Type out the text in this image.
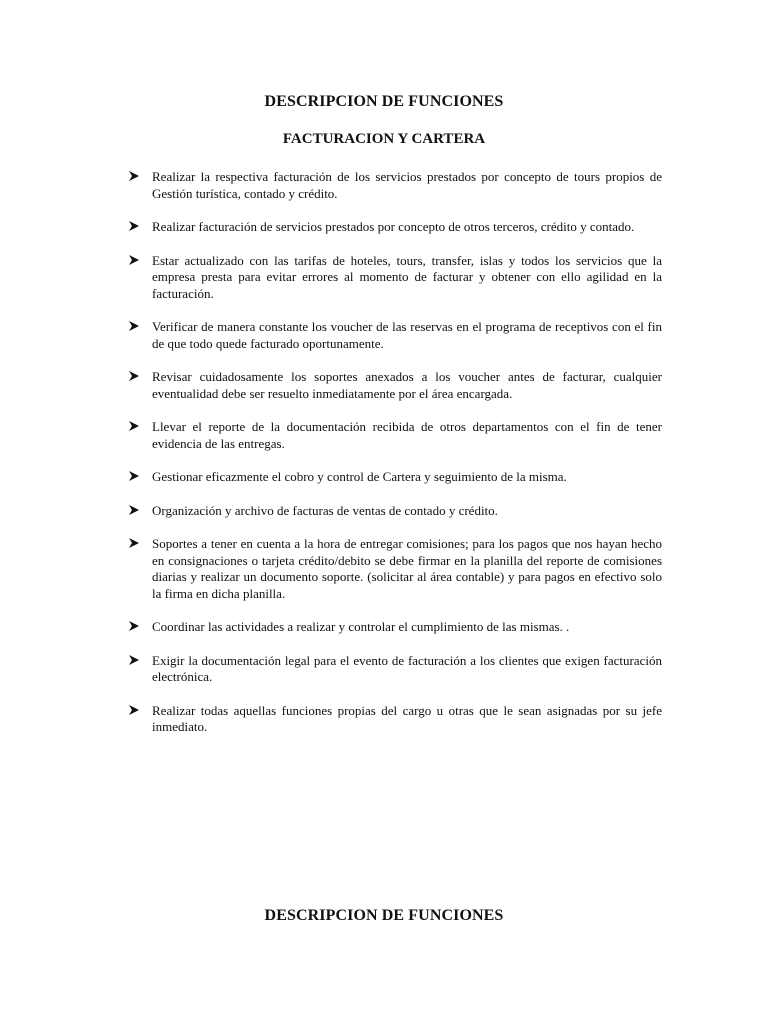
DESCRIPCION DE FUNCIONES
FACTURACION Y CARTERA
Realizar la respectiva facturación de los servicios prestados por concepto de tours propios de Gestión turística, contado y crédito.
Realizar facturación de servicios prestados por concepto de otros terceros, crédito y contado.
Estar actualizado con las tarifas de hoteles, tours, transfer, islas y todos los servicios que la empresa presta para evitar errores al momento de facturar y obtener con ello agilidad en la facturación.
Verificar de manera constante los voucher de las reservas en el programa de receptivos con el fin de que todo quede facturado oportunamente.
Revisar cuidadosamente los soportes anexados a los voucher antes de facturar, cualquier eventualidad debe ser resuelto inmediatamente por el área encargada.
Llevar el reporte de la documentación recibida de otros departamentos con el fin de tener evidencia de las entregas.
Gestionar eficazmente el cobro y control de Cartera y seguimiento de la misma.
Organización y archivo de facturas de ventas de contado y crédito.
Soportes a tener en cuenta a la hora de entregar comisiones; para los pagos que nos hayan hecho en consignaciones o tarjeta crédito/debito se debe firmar en la planilla del reporte de comisiones diarias y realizar un documento soporte. (solicitar al área contable) y para pagos en efectivo solo la firma en dicha planilla.
Coordinar las actividades a realizar y controlar el cumplimiento de las mismas. .
Exigir la documentación legal para el evento de facturación a los clientes que exigen facturación electrónica.
Realizar todas aquellas funciones propias del cargo u otras que le sean asignadas por su jefe inmediato.
DESCRIPCION DE FUNCIONES
